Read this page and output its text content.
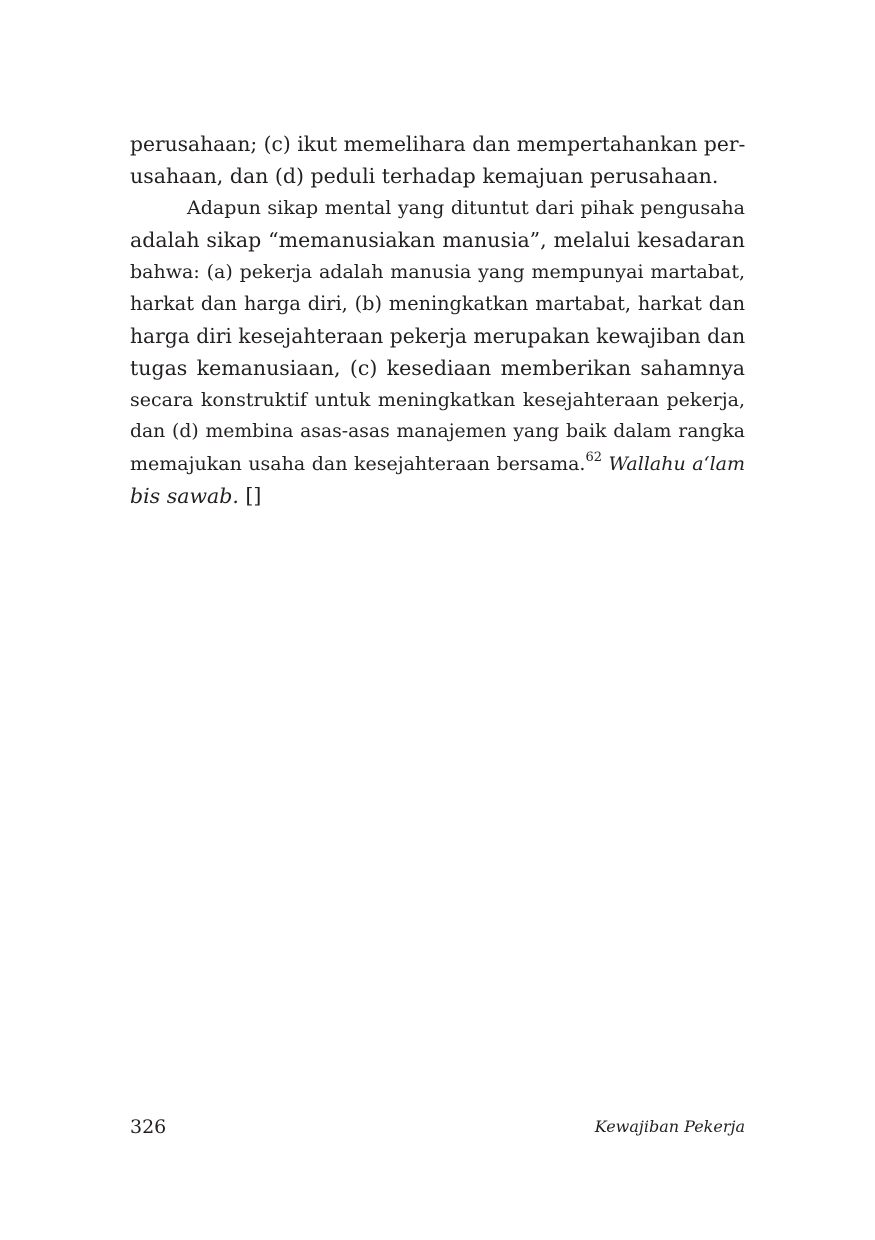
perusahaan; (c) ikut memelihara dan mempertahankan per-
usahaan, dan (d) peduli terhadap kemajuan perusahaan.
Adapun sikap mental yang dituntut dari pihak pengusaha
adalah sikap “memanusiakan manusia”, melalui kesadaran
bahwa: (a) pekerja adalah manusia yang mempunyai martabat,
harkat dan harga diri, (b) meningkatkan martabat, harkat dan
harga diri kesejahteraan pekerja merupakan kewajiban dan
tugas kemanusiaan, (c) kesediaan memberikan sahamnya
secara konstruktif untuk meningkatkan kesejahteraan pekerja,
dan (d) membina asas-asas manajemen yang baik dalam rangka
memajukan usaha dan kesejahteraan bersama.$^{62}$ Wallahu a‘lam
bis sawab. []
326	Kewajiban Pekerja
